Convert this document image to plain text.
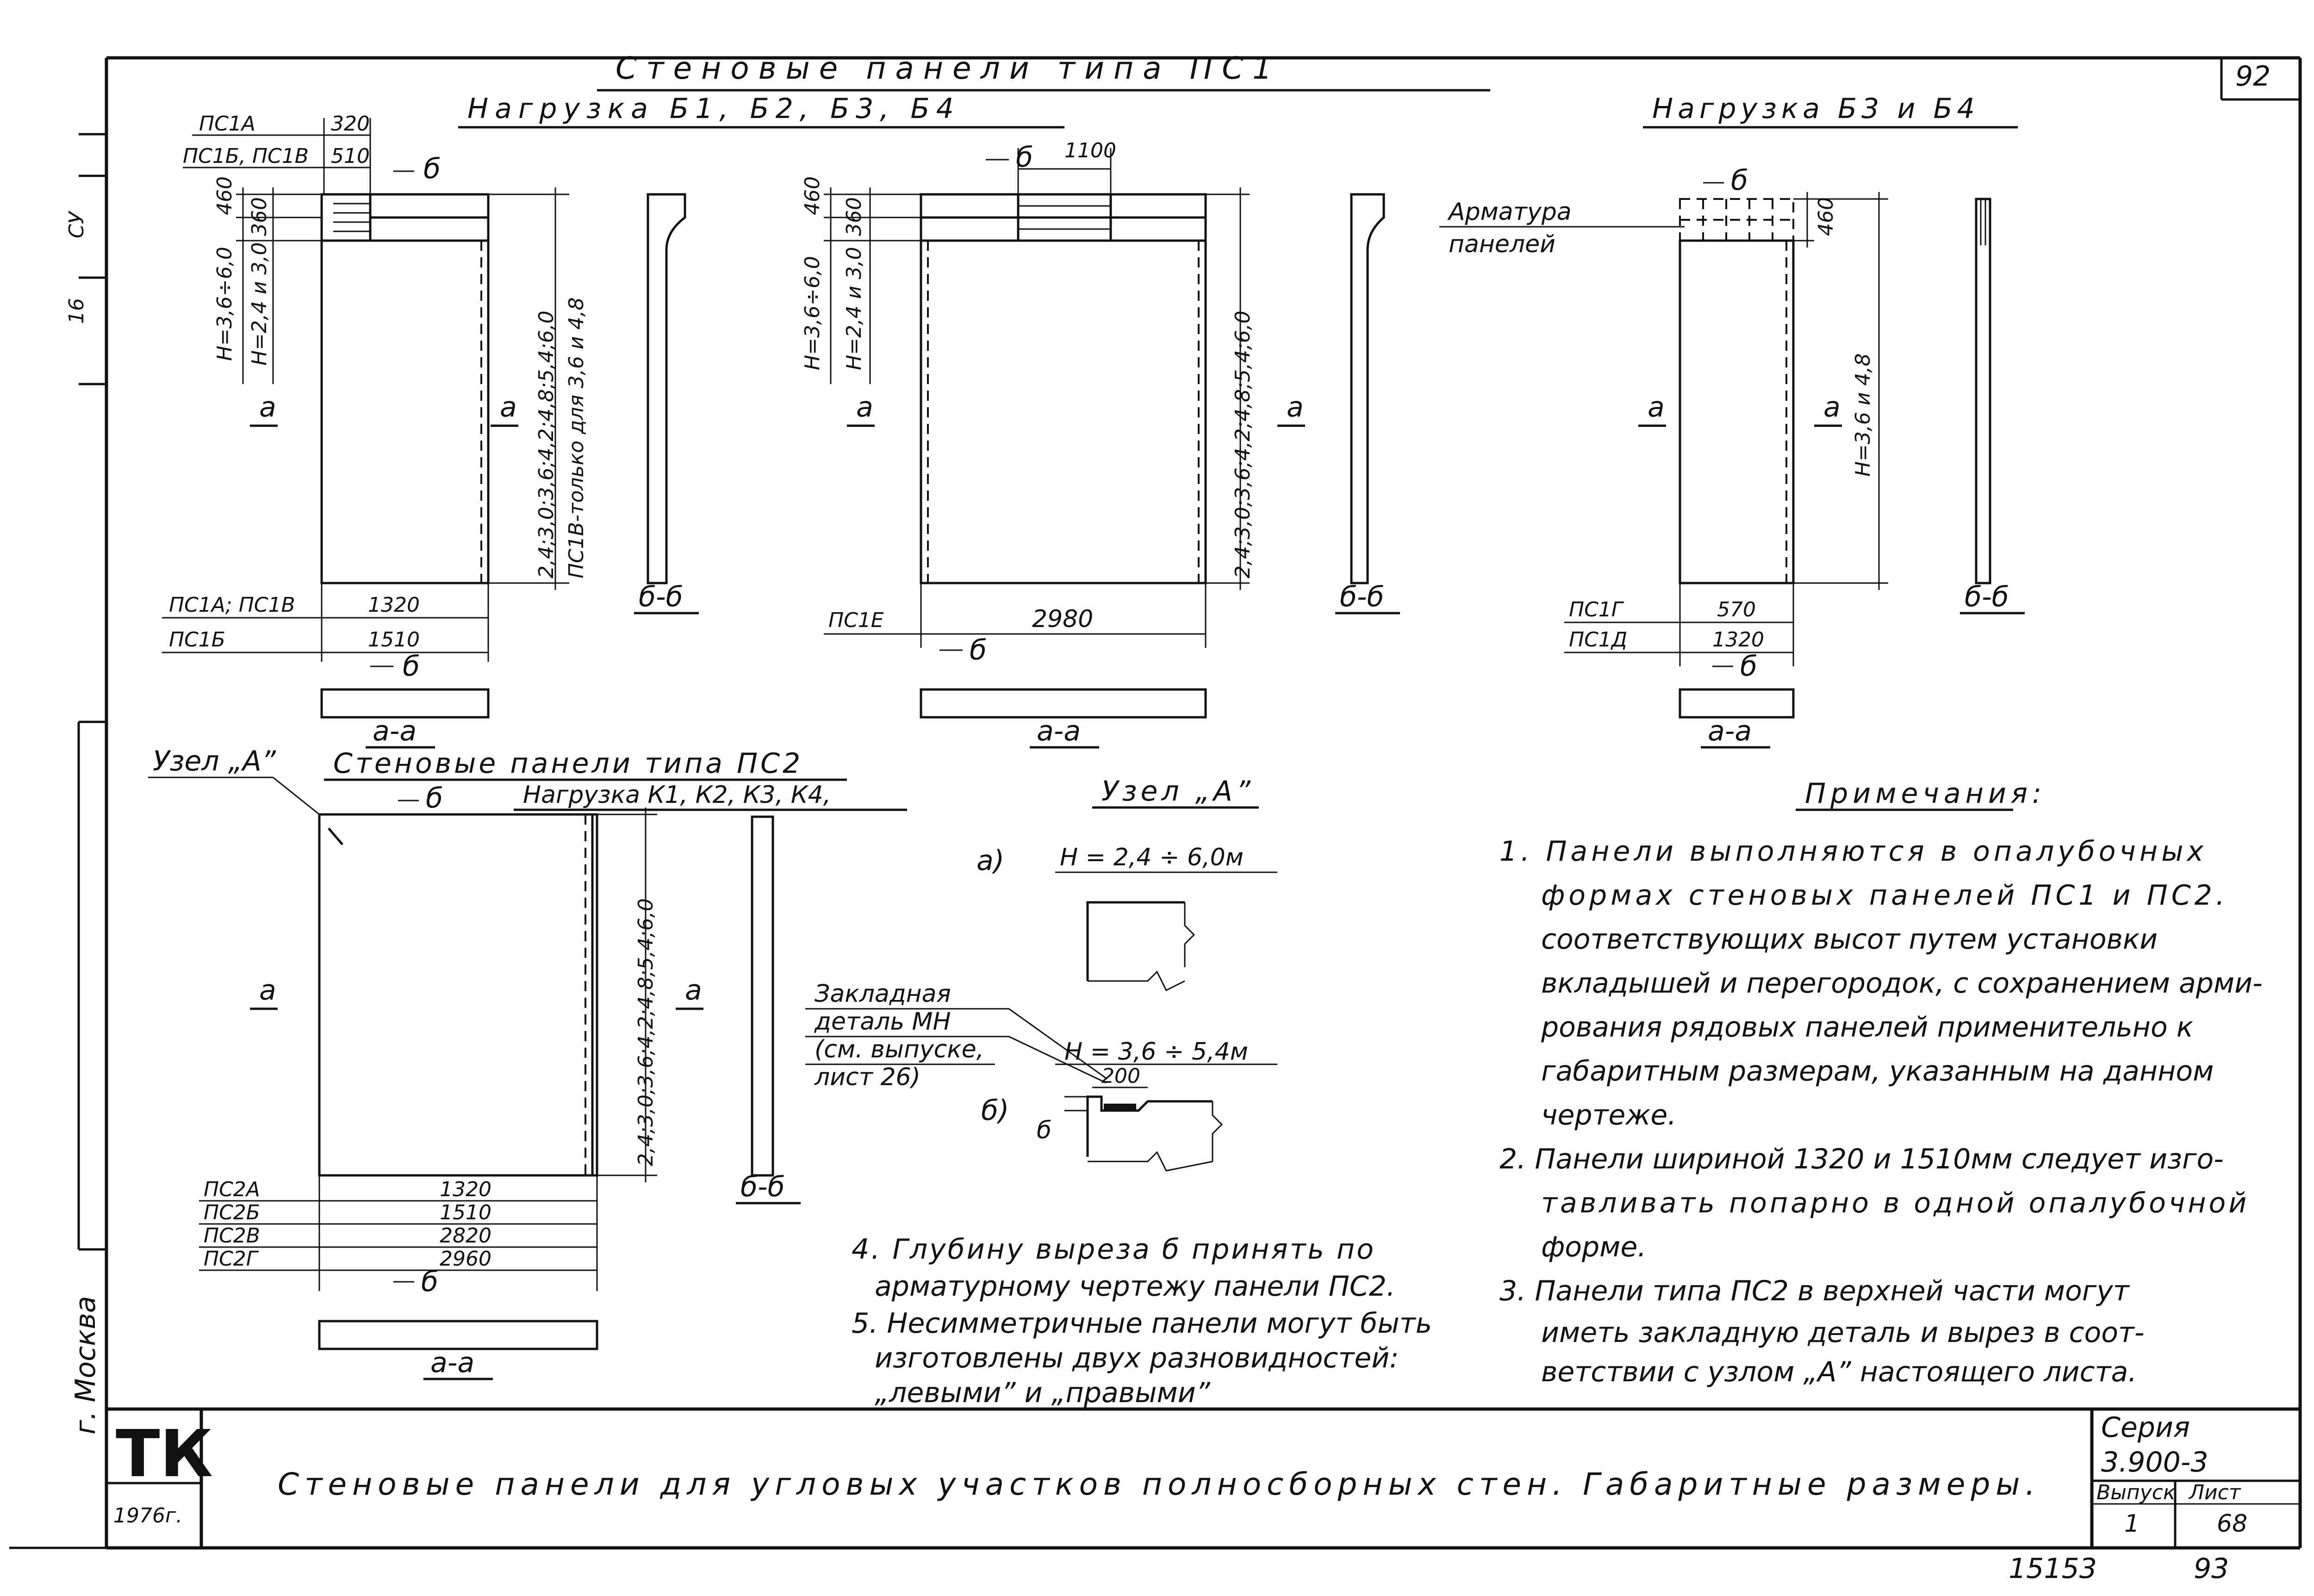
92
СУ
16
г. Москва
Стеновые панели типа ПС1
Нагрузка Б1, Б2, Б3, Б4	Нагрузка Б3 и Б4
ПС1А	320
ПС1Б, ПС1В 510 б
460
360
Н=3,6÷6,0 Н=2,4 и 3,0
а	а 2,4;3,0;3,6;4,2;4,8;5,4;6,0 ПС1В-только для 3,6 и 4,8
ПС1А; ПС1В	1320
ПС1Б	1510
б
а-а
б-б
б 1100
460
360
Н=3,6÷6,0 Н=2,4 и 3,0
а	а
2,4;3,0;3,6;4,2;4,8;5,4;6,0
ПС1Е	2980
б
а-а
б-б
б
Арматура
панелей
460
Н=3,6 и 4,8
а	а
ПС1Г	570
ПС1Д	1320
б
а-а
б-б
Узел „А” Стеновые панели типа ПС2
Нагрузка К1, К2, К3, К4,
б
а	а
2,4;3,0;3,6;4,2;4,8;5,4;6,0
ПС2А	1320
ПС2Б	1510
ПС2В	2820
ПС2Г	2960
б
а-а
б-б
Узел „А”
а) Н = 2,4 ÷ 6,0м
Закладная
деталь МН
(см. выпуске,
лист 26)
Н = 3,6 ÷ 5,4м
200
б)
б
Примечания:
1. Панели выполняются в опалубочных
формах стеновых панелей ПС1 и ПС2.
соответствующих высот путем установки
вкладышей и перегородок, с сохранением арми-
рования рядовых панелей применительно к
габаритным размерам, указанным на данном
чертеже.
2. Панели шириной 1320 и 1510мм следует изго-
тавливать попарно в одной опалубочной
форме.
3. Панели типа ПС2 в верхней части могут
иметь закладную деталь и вырез в соот-
ветствии с узлом „А” настоящего листа.
4. Глубину выреза б принять по
арматурному чертежу панели ПС2.
5. Несимметричные панели могут быть
изготовлены двух разновидностей:
„левыми” и „правыми”
ТК
1976г.
Стеновые панели для угловых участков полносборных стен. Габаритные размеры.
Серия
3.900-3
Выпуск
1
Лист
68
15153	93
